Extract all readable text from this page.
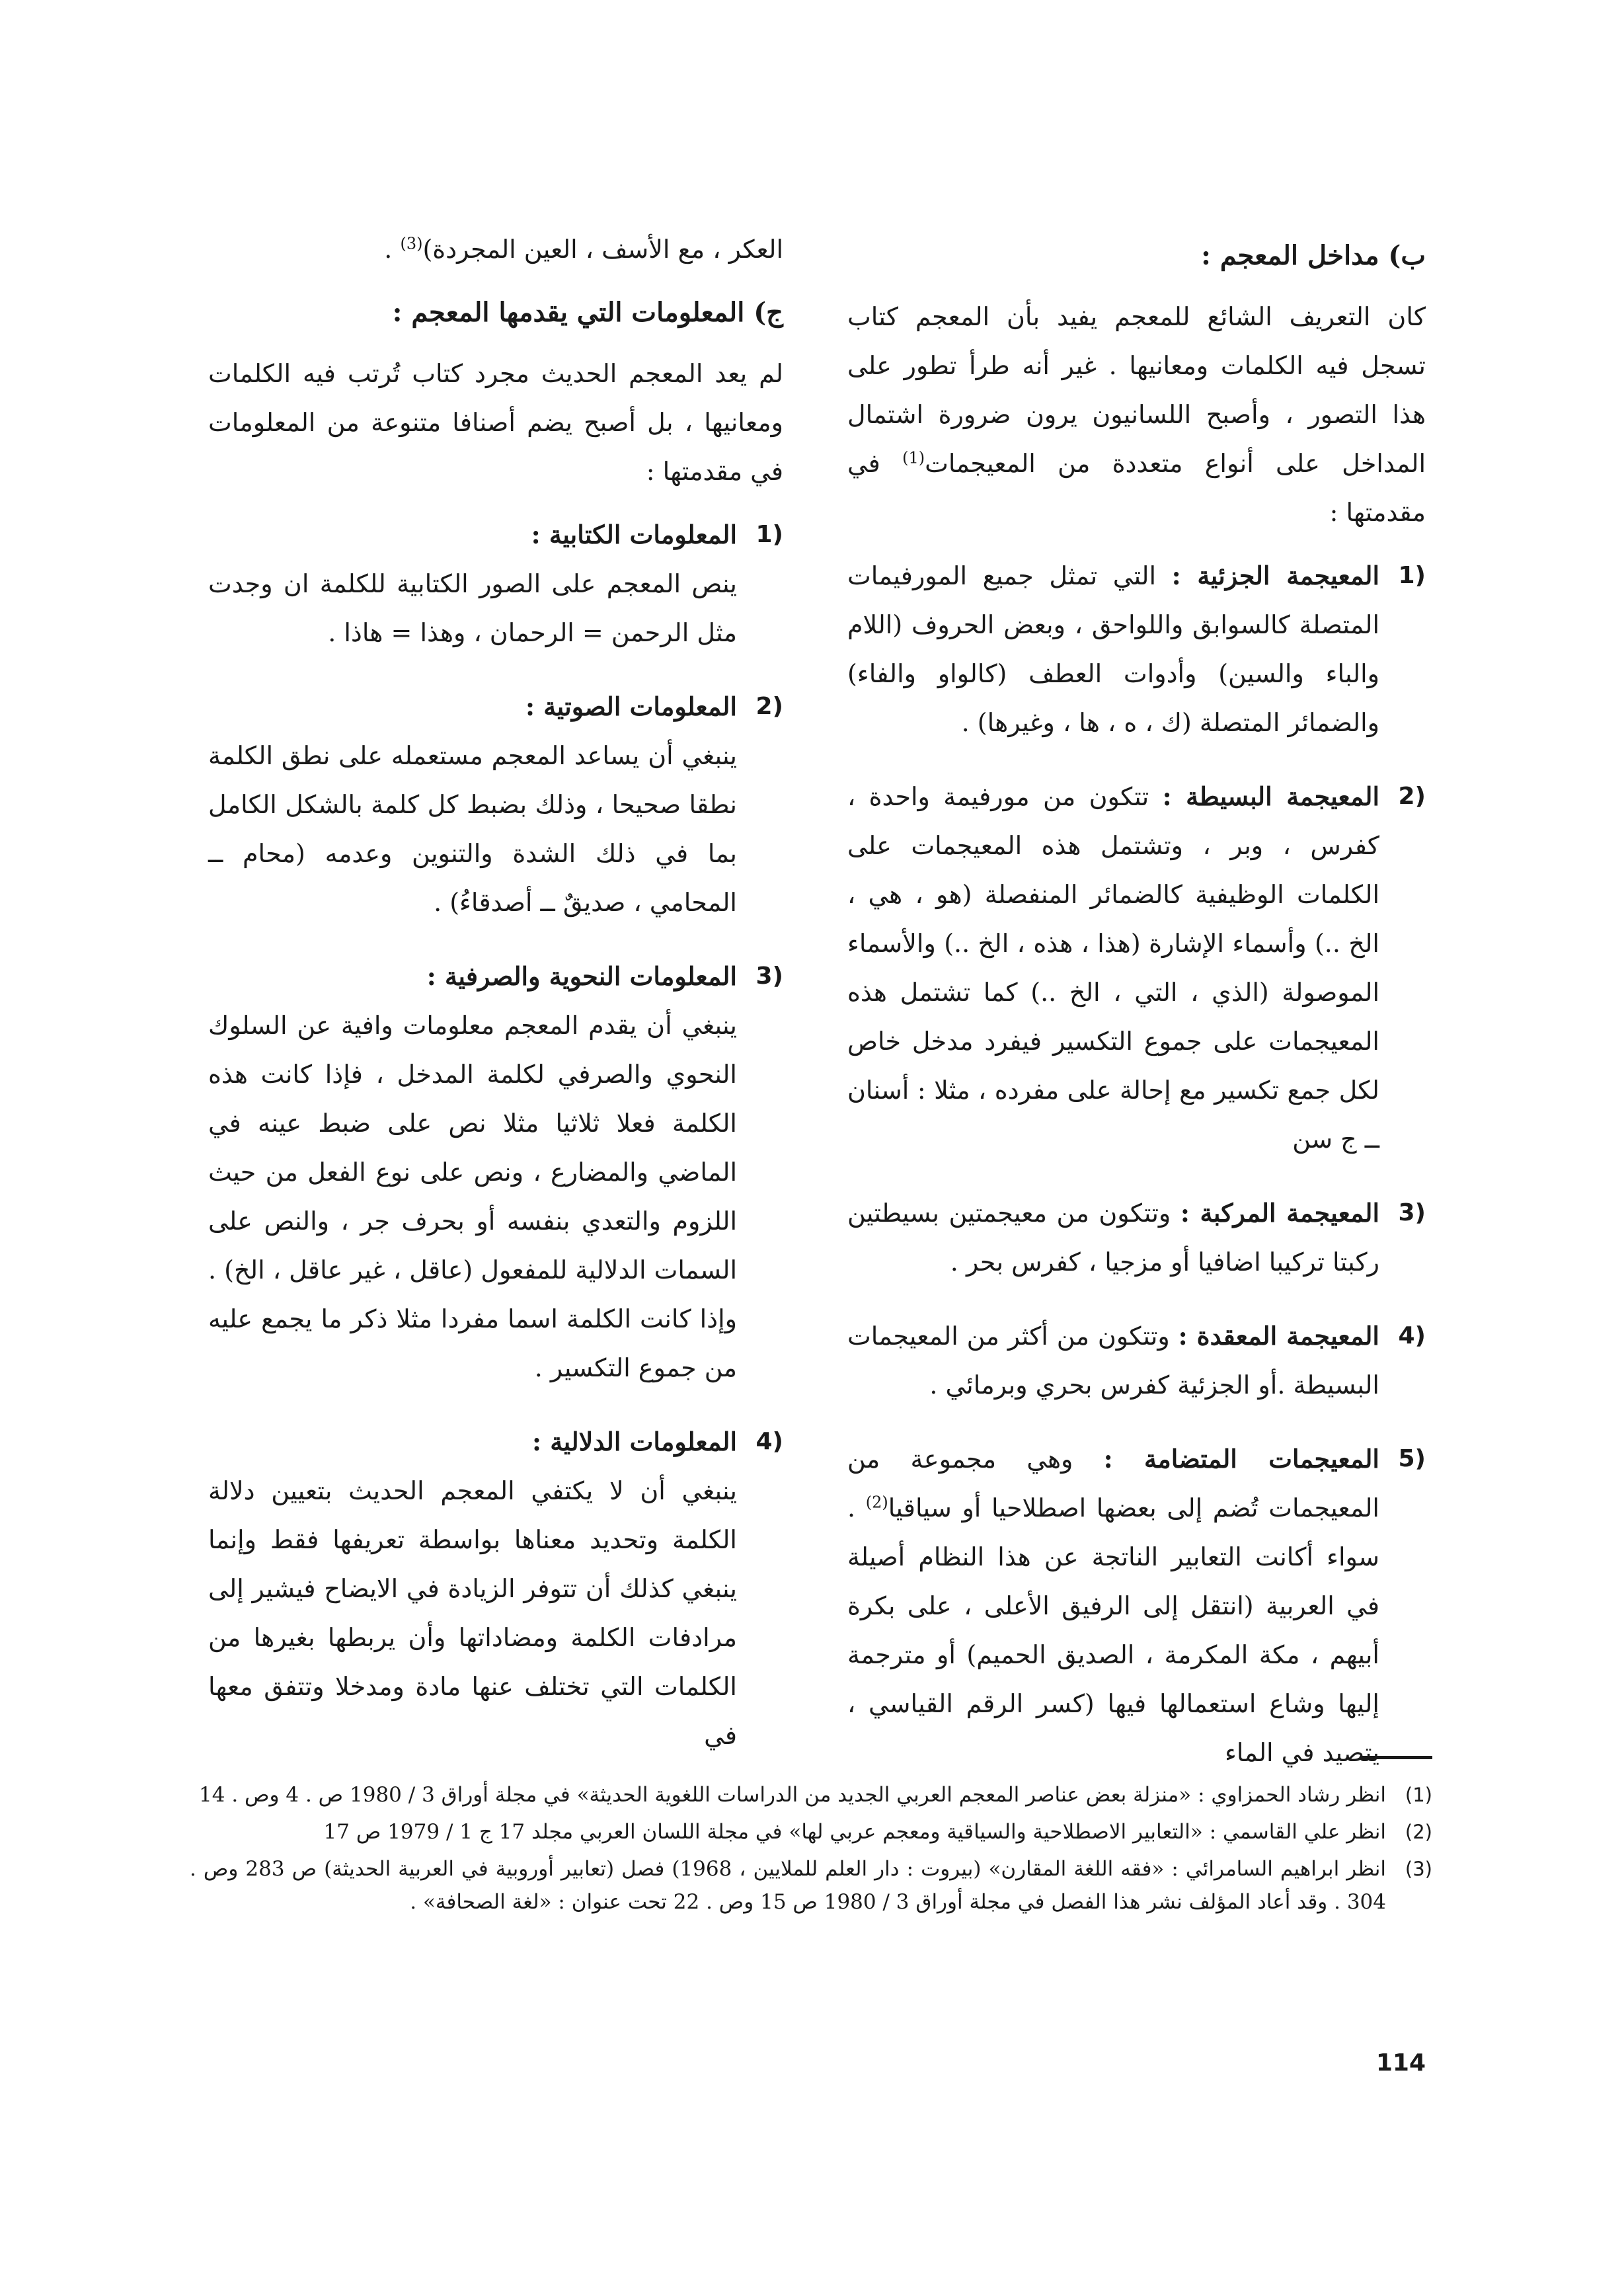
ب) مداخل المعجم :

كان التعريف الشائع للمعجم يفيد بأن المعجم كتاب تسجل فيه الكلمات ومعانيها . غير أنه طرأ تطور على هذا التصور ، وأصبح اللسانيون يرون ضرورة اشتمال المداخل على أنواع متعددة من المعيجمات$^{(1)}$ في مقدمتها :

1)
المعيجمة الجزئية : التي تمثل جميع المورفيمات المتصلة كالسوابق واللواحق ، وبعض الحروف (اللام والباء والسين) وأدوات العطف (كالواو والفاء) والضمائر المتصلة (ك ، ه ، ها ، وغيرها) .
2)
المعيجمة البسيطة : تتكون من مورفيمة واحدة ، كفرس ، وبر ، وتشتمل هذه المعيجمات على الكلمات الوظيفية كالضمائر المنفصلة (هو ، هي ، الخ ..) وأسماء الإشارة (هذا ، هذه ، الخ ..) والأسماء الموصولة (الذي ، التي ، الخ ..) كما تشتمل هذه المعيجمات على جموع التكسير فيفرد مدخل خاص لكل جمع تكسير مع إحالة على مفرده ، مثلا : أسنان ــ ج سن
3)
المعيجمة المركبة : وتتكون من معيجمتين بسيطتين ركبتا تركيبا اضافيا أو مزجيا ، كفرس بحر .
4)
المعيجمة المعقدة : وتتكون من أكثر من المعيجمات البسيطة .أو الجزئية كفرس بحري وبرمائي .
5)
المعيجمات المتضامة : وهي مجموعة من المعيجمات تُضم إلى بعضها اصطلاحيا أو سياقيا$^{(2)}$ . سواء أكانت التعابير الناتجة عن هذا النظام أصيلة في العربية (انتقل إلى الرفيق الأعلى ، على بكرة أبيهم ، مكة المكرمة ، الصديق الحميم) أو مترجمة إليها وشاع استعمالها فيها (كسر الرقم القياسي ، يتصيد في الماء

العكر ، مع الأسف ، العين المجردة)$^{(3)}$ .

ج) المعلومات التي يقدمها المعجم :

لم يعد المعجم الحديث مجرد كتاب تُرتب فيه الكلمات ومعانيها ، بل أصبح يضم أصنافا متنوعة من المعلومات في مقدمتها :

1)
المعلومات الكتابية :
ينص المعجم على الصور الكتابية للكلمة ان وجدت مثل الرحمن = الرحمان ، وهذا = هاذا .
2)
المعلومات الصوتية :
ينبغي أن يساعد المعجم مستعمله على نطق الكلمة نطقا صحيحا ، وذلك بضبط كل كلمة بالشكل الكامل بما في ذلك الشدة والتنوين وعدمه (محام ــ المحامي ، صديقٌ ــ أصدقاءُ) .
3)
المعلومات النحوية والصرفية :
ينبغي أن يقدم المعجم معلومات وافية عن السلوك النحوي والصرفي لكلمة المدخل ، فإذا كانت هذه الكلمة فعلا ثلاثيا مثلا نص على ضبط عينه في الماضي والمضارع ، ونص على نوع الفعل من حيث اللزوم والتعدي بنفسه أو بحرف جر ، والنص على السمات الدلالية للمفعول (عاقل ، غير عاقل ، الخ) . وإذا كانت الكلمة اسما مفردا مثلا ذكر ما يجمع عليه من جموع التكسير .
4)
المعلومات الدلالية :
ينبغي أن لا يكتفي المعجم الحديث بتعيين دلالة الكلمة وتحديد معناها بواسطة تعريفها فقط وإنما ينبغي كذلك أن تتوفر الزيادة في الايضاح فيشير إلى مرادفات الكلمة ومضاداتها وأن يربطها بغيرها من الكلمات التي تختلف عنها مادة ومدخلا وتتفق معها في
(1)
انظر رشاد الحمزاوي : «منزلة بعض عناصر المعجم العربي الجديد من الدراسات اللغوية الحديثة» في مجلة أوراق 3 / 1980 ص . 4 وص . 14
(2)
انظر علي القاسمي : «التعابير الاصطلاحية والسياقية ومعجم عربي لها» في مجلة اللسان العربي مجلد 17 ج 1 / 1979 ص 17
(3)
انظر ابراهيم السامرائي : «فقه اللغة المقارن» (بيروت : دار العلم للملايين ، 1968) فصل (تعابير أوروبية في العربية الحديثة) ص 283 وص . 304 . وقد أعاد المؤلف نشر هذا الفصل في مجلة أوراق 3 / 1980 ص 15 وص . 22 تحت عنوان : «لغة الصحافة» .
114
